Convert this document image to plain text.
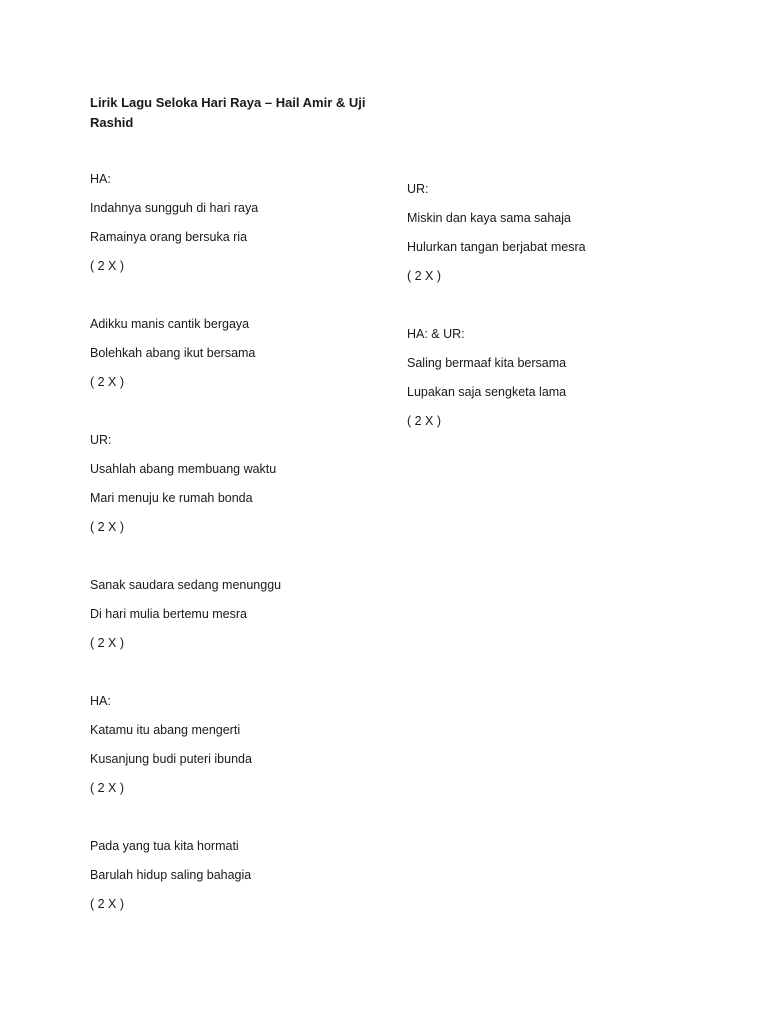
Lirik Lagu Seloka Hari Raya – Hail Amir & Uji Rashid
HA:
Indahnya sungguh di hari raya
Ramainya orang bersuka ria
( 2 X )
Adikku manis cantik bergaya
Bolehkah abang ikut bersama
( 2 X )
UR:
Usahlah abang membuang waktu
Mari menuju ke rumah bonda
( 2 X )
Sanak saudara sedang menunggu
Di hari mulia bertemu mesra
( 2 X )
HA:
Katamu itu abang mengerti
Kusanjung budi puteri ibunda
( 2 X )
Pada yang tua kita hormati
Barulah hidup saling bahagia
( 2 X )
UR:
Miskin dan kaya sama sahaja
Hulurkan tangan berjabat mesra
( 2 X )
HA: & UR:
Saling bermaaf kita bersama
Lupakan saja sengketa lama
( 2 X )
